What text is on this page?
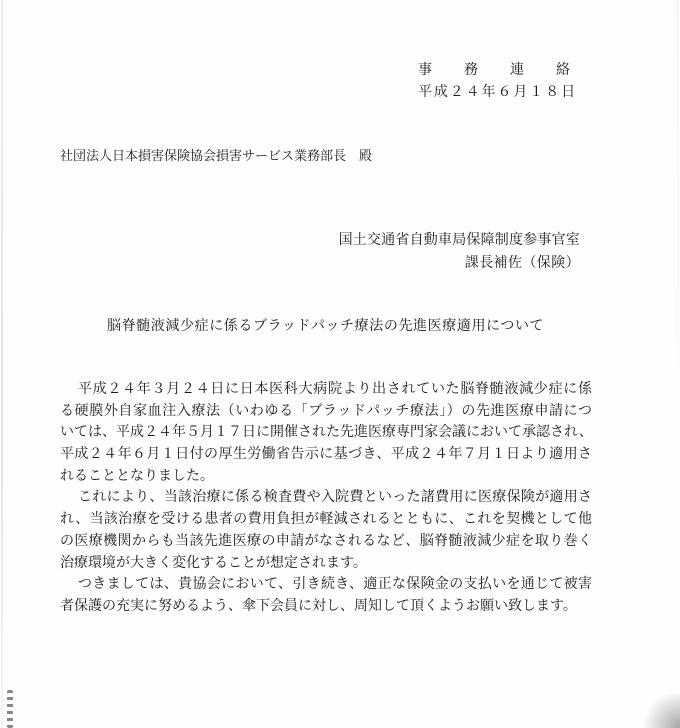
事　務　連　絡
平成２４年６月１８日
社団法人日本損害保険協会損害サービス業務部長　殿
国土交通省自動車局保障制度参事官室
課長補佐（保険）
脳脊髄液減少症に係るブラッドパッチ療法の先進医療適用について
平成２４年３月２４日に日本医科大病院より出されていた脳脊髄液減少症に係
る硬膜外自家血注入療法（いわゆる「ブラッドパッチ療法」）の先進医療申請につ
いては、平成２４年５月１７日に開催された先進医療専門家会議において承認され、
平成２４年６月１日付の厚生労働省告示に基づき、平成２４年７月１日より適用さ
れることとなりました。
これにより、当該治療に係る検査費や入院費といった諸費用に医療保険が適用さ
れ、当該治療を受ける患者の費用負担が軽減されるとともに、これを契機として他
の医療機関からも当該先進医療の申請がなされるなど、脳脊髄液減少症を取り巻く
治療環境が大きく変化することが想定されます。
つきましては、貴協会において、引き続き、適正な保険金の支払いを通じて被害
者保護の充実に努めるよう、傘下会員に対し、周知して頂くようお願い致します。
